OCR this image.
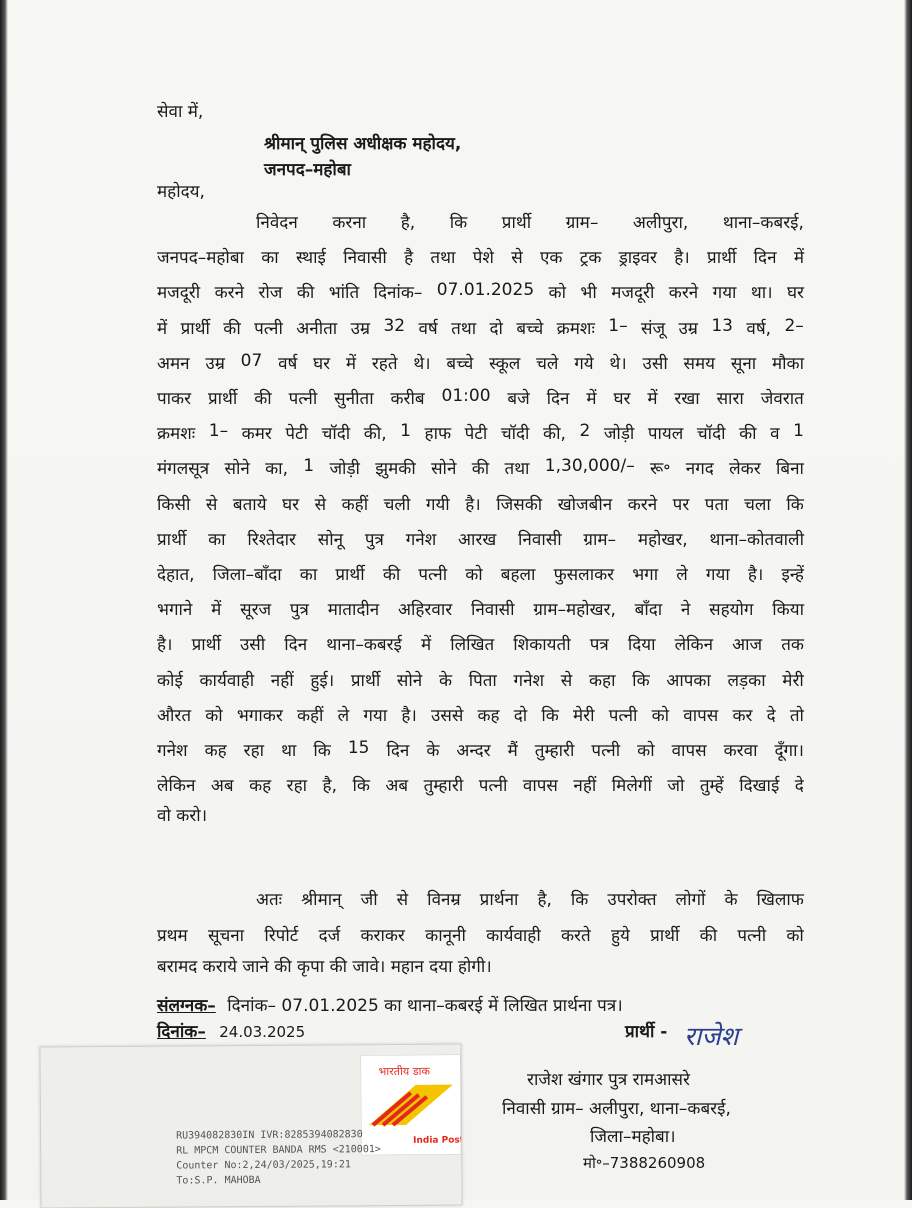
सेवा में,
श्रीमान् पुलिस अधीक्षक महोदय,
जनपद–महोबा
महोदय,
निवेदन करना है, कि प्रार्थी ग्राम– अलीपुरा, थाना–कबरई,
जनपद–महोबा का स्थाई निवासी है तथा पेशे से एक ट्रक ड्राइवर है। प्रार्थी दिन में
मजदूरी करने रोज की भांति दिनांक– 07.01.2025 को भी मजदूरी करने गया था। घर
में प्रार्थी की पत्नी अनीता उम्र 32 वर्ष तथा दो बच्चे क्रमशः 1– संजू उम्र 13 वर्ष, 2–
अमन उम्र 07 वर्ष घर में रहते थे। बच्चे स्कूल चले गये थे। उसी समय सूना मौका
पाकर प्रार्थी की पत्नी सुनीता करीब 01:00 बजे दिन में घर में रखा सारा जेवरात
क्रमशः 1– कमर पेटी चॉदी की, 1 हाफ पेटी चॉदी की, 2 जोड़ी पायल चॉदी की व 1
मंगलसूत्र सोने का, 1 जोड़ी झुमकी सोने की तथा 1,30,000/– रू॰ नगद लेकर बिना
किसी से बताये घर से कहीं चली गयी है। जिसकी खोजबीन करने पर पता चला कि
प्रार्थी का रिश्तेदार सोनू पुत्र गनेश आरख निवासी ग्राम– महोखर, थाना–कोतवाली
देहात, जिला–बाँदा का प्रार्थी की पत्नी को बहला फुसलाकर भगा ले गया है। इन्हें
भगाने में सूरज पुत्र मातादीन अहिरवार निवासी ग्राम–महोखर, बाँदा ने सहयोग किया
है। प्रार्थी उसी दिन थाना–कबरई में लिखित शिकायती पत्र दिया लेकिन आज तक
कोई कार्यवाही नहीं हुई। प्रार्थी सोने के पिता गनेश से कहा कि आपका लड़का मेरी
औरत को भगाकर कहीं ले गया है। उससे कह दो कि मेरी पत्नी को वापस कर दे तो
गनेश कह रहा था कि 15 दिन के अन्दर मैं तुम्हारी पत्नी को वापस करवा दूँगा।
लेकिन अब कह रहा है, कि अब तुम्हारी पत्नी वापस नहीं मिलेगीं जो तुम्हें दिखाई दे
वो करो।
अतः श्रीमान् जी से विनम्र प्रार्थना है, कि उपरोक्त लोगों के खिलाफ
प्रथम सूचना रिपोर्ट दर्ज कराकर कानूनी कार्यवाही करते हुये प्रार्थी की पत्नी को
बरामद कराये जाने की कृपा की जावे। महान दया होगी।
संलग्नक– दिनांक– 07.01.2025 का थाना–कबरई में लिखित प्रार्थना पत्र।
दिनांक– 24.03.2025	प्रार्थी - राजेश
राजेश खंगार पुत्र रामआसरे
निवासी ग्राम– अलीपुरा, थाना–कबरई,
जिला–महोबा।
मो॰–7388260908
भारतीय डाक
India Post
RU394082830IN IVR:8285394082830
RL MPCM COUNTER BANDA RMS <210001>
Counter No:2,24/03/2025,19:21
To:S.P. MAHOBA
